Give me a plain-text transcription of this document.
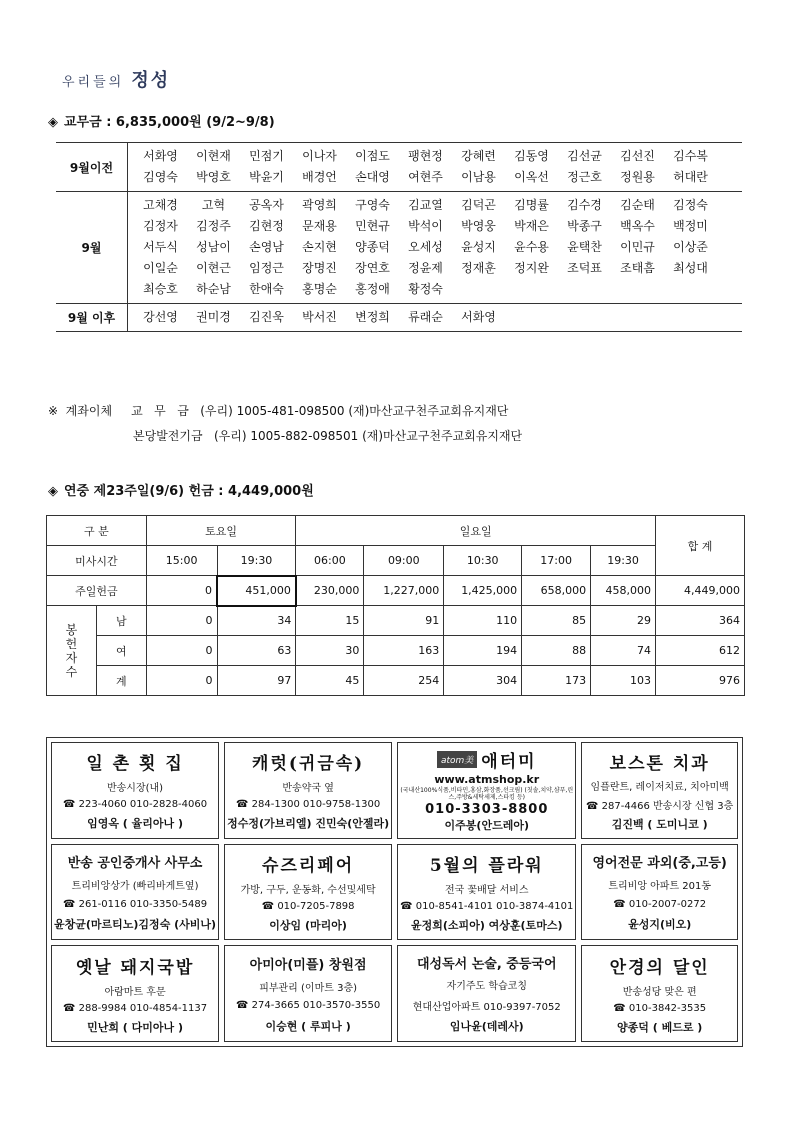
우리들의 정성
◈ 교무금 : 6,835,000원 (9/2~9/8)
9월이전
서화영	이현재	민점기	이나자	이점도	팽현정	강혜련	김동영	김선균	김선진	김수복
김영숙	박영호	박윤기	배경언	손대영	여현주	이남용	이옥선	정근호	정원용	허대란
9월
고채경	고혁	공옥자	곽영희	구영숙	김교열	김덕곤	김명률	김수경	김순태	김정숙
김정자	김정주	김현정	문재용	민현규	박석이	박영웅	박재은	박종구	백옥수	백정미
서두식	성남이	손영남	손지현	양종덕	오세성	윤성지	윤수용	윤택찬	이민규	이상준
이일순	이현근	임정근	장명진	장연호	정윤제	정재훈	정지완	조덕표	조태흠	최성대
최승호	하순남	한애숙	홍명순	홍정애	황정숙
9월 이후	강선영	권미경	김진욱	박서진	변정희	류래순	서화영
※  계좌이체     교   무   금   (우리) 1005-481-098500 (재)마산교구천주교회유지재단
본당발전기금   (우리) 1005-882-098501 (재)마산교구천주교회유지재단
◈ 연중 제23주일(9/6) 헌금 : 4,449,000원
구 분		토요일		일요일					합 계
미사시간		15:00	19:30	06:00	09:00	10:30	17:00	19:30	
주일헌금		0	451,000	230,000	1,227,000	1,425,000	658,000	458,000	4,449,000
봉
헌
자
수	남	0	34	15	91	110	85	29	364
	여	0	63	30	163	194	88	74	612
	계	0	97	45	254	304	173	103	976
일 촌 횟 집
반송시장(내)
☎ 223-4060 010-2828-4060
임영옥 ( 율리아나 )
캐럿(귀금속)
반송약국 옆
☎ 284-1300 010-9758-1300
정수정(가브리엘) 진민숙(안젤라)
atom美 애터미
www.atmshop.kr
(국내산100%식품,비타민,홍삼,화장품,선크림) (칫솔,치약,샴푸,린스,주방&세탁세제,스타킹 등)
010-3303-8800
이주봉(안드레아)
보스톤 치과
임플란트, 레이저치료, 치아미백
☎ 287-4466 반송시장 신협 3층
김진백 ( 도미니코 )
반송 공인중개사 사무소
트리비앙상가 (빠리바게트옆)
☎ 261-0116 010-3350-5489
윤창균(마르티노)김정숙 (사비나)
슈즈리페어
가방, 구두, 운동화, 수선및세탁
☎ 010-7205-7898
이상임 (마리아)
5월의 플라워
전국 꽃배달 서비스
☎ 010-8541-4101 010-3874-4101
윤정희(소피아) 여상훈(토마스)
영어전문 과외(중,고등)
트리비앙 아파트 201동
☎ 010-2007-0272
윤성지(비오)
옛날 돼지국밥
아람마트 후문
☎ 288-9984 010-4854-1137
민난희 ( 다미아나 )
아미아(미플) 창원점
피부관리 (이마트 3층)
☎ 274-3665 010-3570-3550
이승현 ( 루피나 )
대성독서 논술, 중등국어
자기주도 학습코칭
현대산업아파트 010-9397-7052
임나윤(데레사)
안경의 달인
반송성당 맞은 편
☎ 010-3842-3535
양종덕 ( 베드로 )
